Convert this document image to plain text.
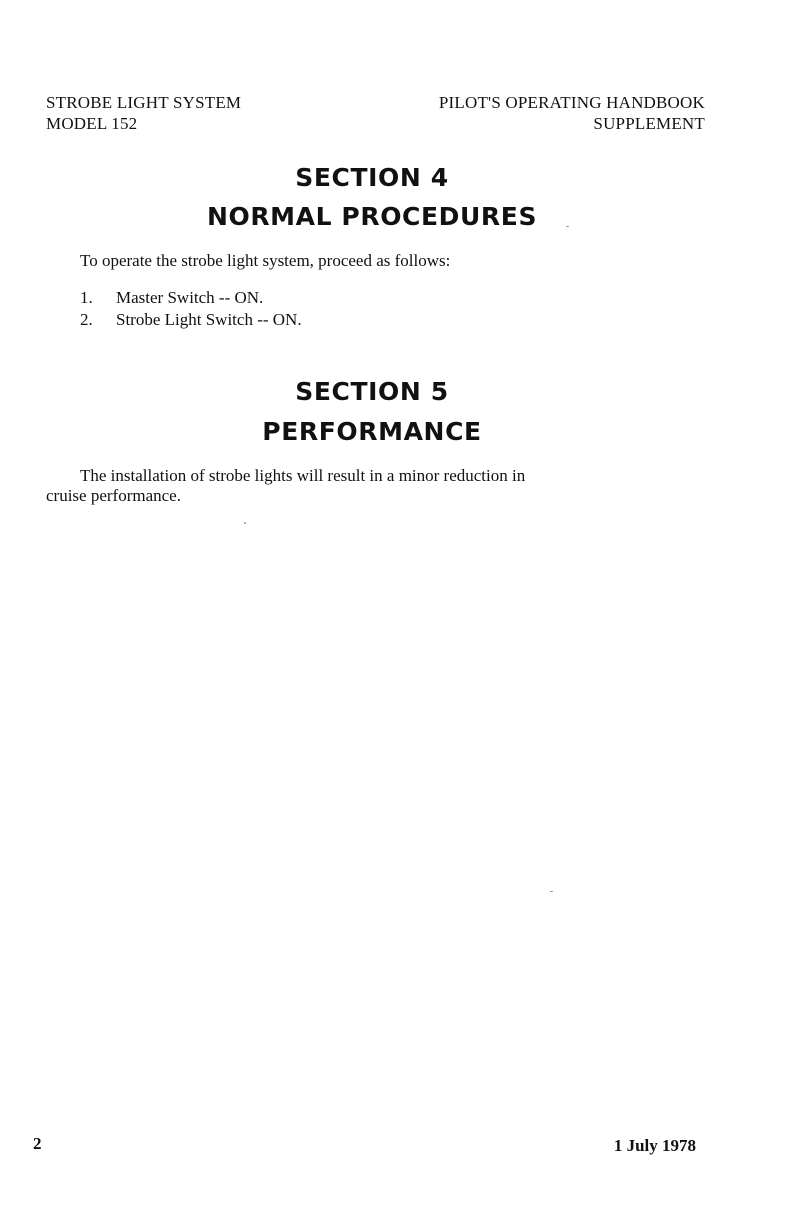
STROBE LIGHT SYSTEM
MODEL 152
PILOT'S OPERATING HANDBOOK
SUPPLEMENT
SECTION 4
NORMAL PROCEDURES
To operate the strobe light system, proceed as follows:
1.	Master Switch -- ON.
2.	Strobe Light Switch -- ON.
SECTION 5
PERFORMANCE
The installation of strobe lights will result in a minor reduction in
cruise performance.
2	1 July 1978
